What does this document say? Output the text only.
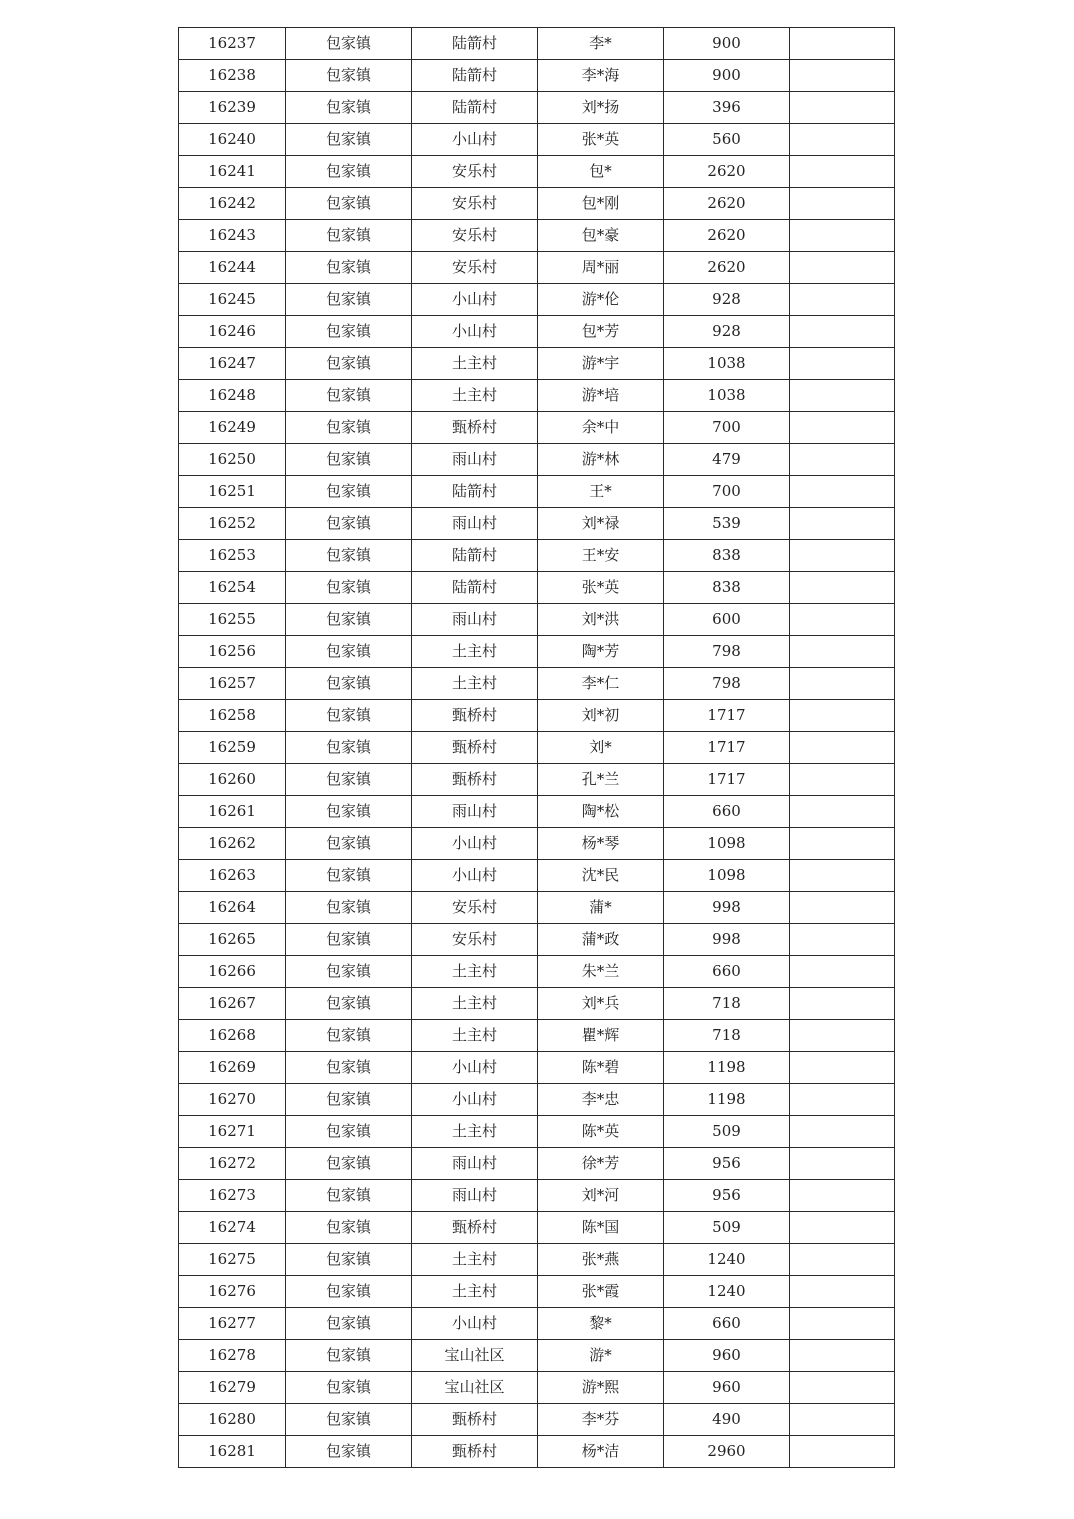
16237	包家镇	陆箭村	李*	900	
16238	包家镇	陆箭村	李*海	900	
16239	包家镇	陆箭村	刘*扬	396	
16240	包家镇	小山村	张*英	560	
16241	包家镇	安乐村	包*	2620	
16242	包家镇	安乐村	包*刚	2620	
16243	包家镇	安乐村	包*豪	2620	
16244	包家镇	安乐村	周*丽	2620	
16245	包家镇	小山村	游*伦	928	
16246	包家镇	小山村	包*芳	928	
16247	包家镇	土主村	游*宇	1038	
16248	包家镇	土主村	游*培	1038	
16249	包家镇	甄桥村	余*中	700	
16250	包家镇	雨山村	游*林	479	
16251	包家镇	陆箭村	王*	700	
16252	包家镇	雨山村	刘*禄	539	
16253	包家镇	陆箭村	王*安	838	
16254	包家镇	陆箭村	张*英	838	
16255	包家镇	雨山村	刘*洪	600	
16256	包家镇	土主村	陶*芳	798	
16257	包家镇	土主村	李*仁	798	
16258	包家镇	甄桥村	刘*初	1717	
16259	包家镇	甄桥村	刘*	1717	
16260	包家镇	甄桥村	孔*兰	1717	
16261	包家镇	雨山村	陶*松	660	
16262	包家镇	小山村	杨*琴	1098	
16263	包家镇	小山村	沈*民	1098	
16264	包家镇	安乐村	蒲*	998	
16265	包家镇	安乐村	蒲*政	998	
16266	包家镇	土主村	朱*兰	660	
16267	包家镇	土主村	刘*兵	718	
16268	包家镇	土主村	瞿*辉	718	
16269	包家镇	小山村	陈*碧	1198	
16270	包家镇	小山村	李*忠	1198	
16271	包家镇	土主村	陈*英	509	
16272	包家镇	雨山村	徐*芳	956	
16273	包家镇	雨山村	刘*河	956	
16274	包家镇	甄桥村	陈*国	509	
16275	包家镇	土主村	张*燕	1240	
16276	包家镇	土主村	张*霞	1240	
16277	包家镇	小山村	黎*	660	
16278	包家镇	宝山社区	游*	960	
16279	包家镇	宝山社区	游*熙	960	
16280	包家镇	甄桥村	李*芬	490	
16281	包家镇	甄桥村	杨*洁	2960	
